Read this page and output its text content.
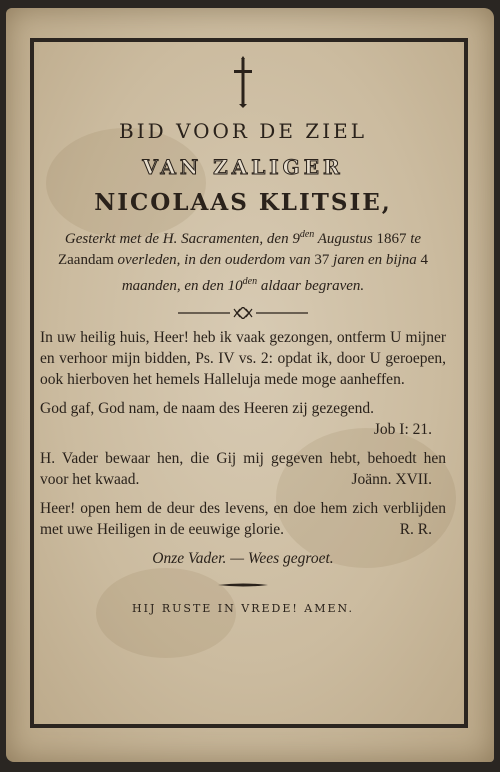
BID VOOR DE ZIEL
VAN ZALIGER
NICOLAAS KLITSIE,
Gesterkt met de H. Sacramenten, den $9^{den}$ Augustus 1867 te Zaandam overleden, in den ouderdom van 37 jaren en bijna 4 maanden, en den $10^{den}$ aldaar begraven.
In uw heilig huis, Heer! heb ik vaak gezongen, ontferm U mijner en verhoor mijn bidden, Ps. IV vs. 2: opdat ik, door U geroepen, ook hierboven het hemels Halleluja mede moge aanheffen.
God gaf, God nam, de naam des Heeren zij gezegend.
Job I: 21.
H. Vader bewaar hen, die Gij mij gegeven hebt, behoedt hen voor het kwaad.	Joänn. XVII.
Heer! open hem de deur des levens, en doe hem zich verblijden met uwe Heiligen in de eeuwige glorie.	R. R.
Onze Vader. — Wees gegroet.
HIJ RUSTE IN VREDE! AMEN.
